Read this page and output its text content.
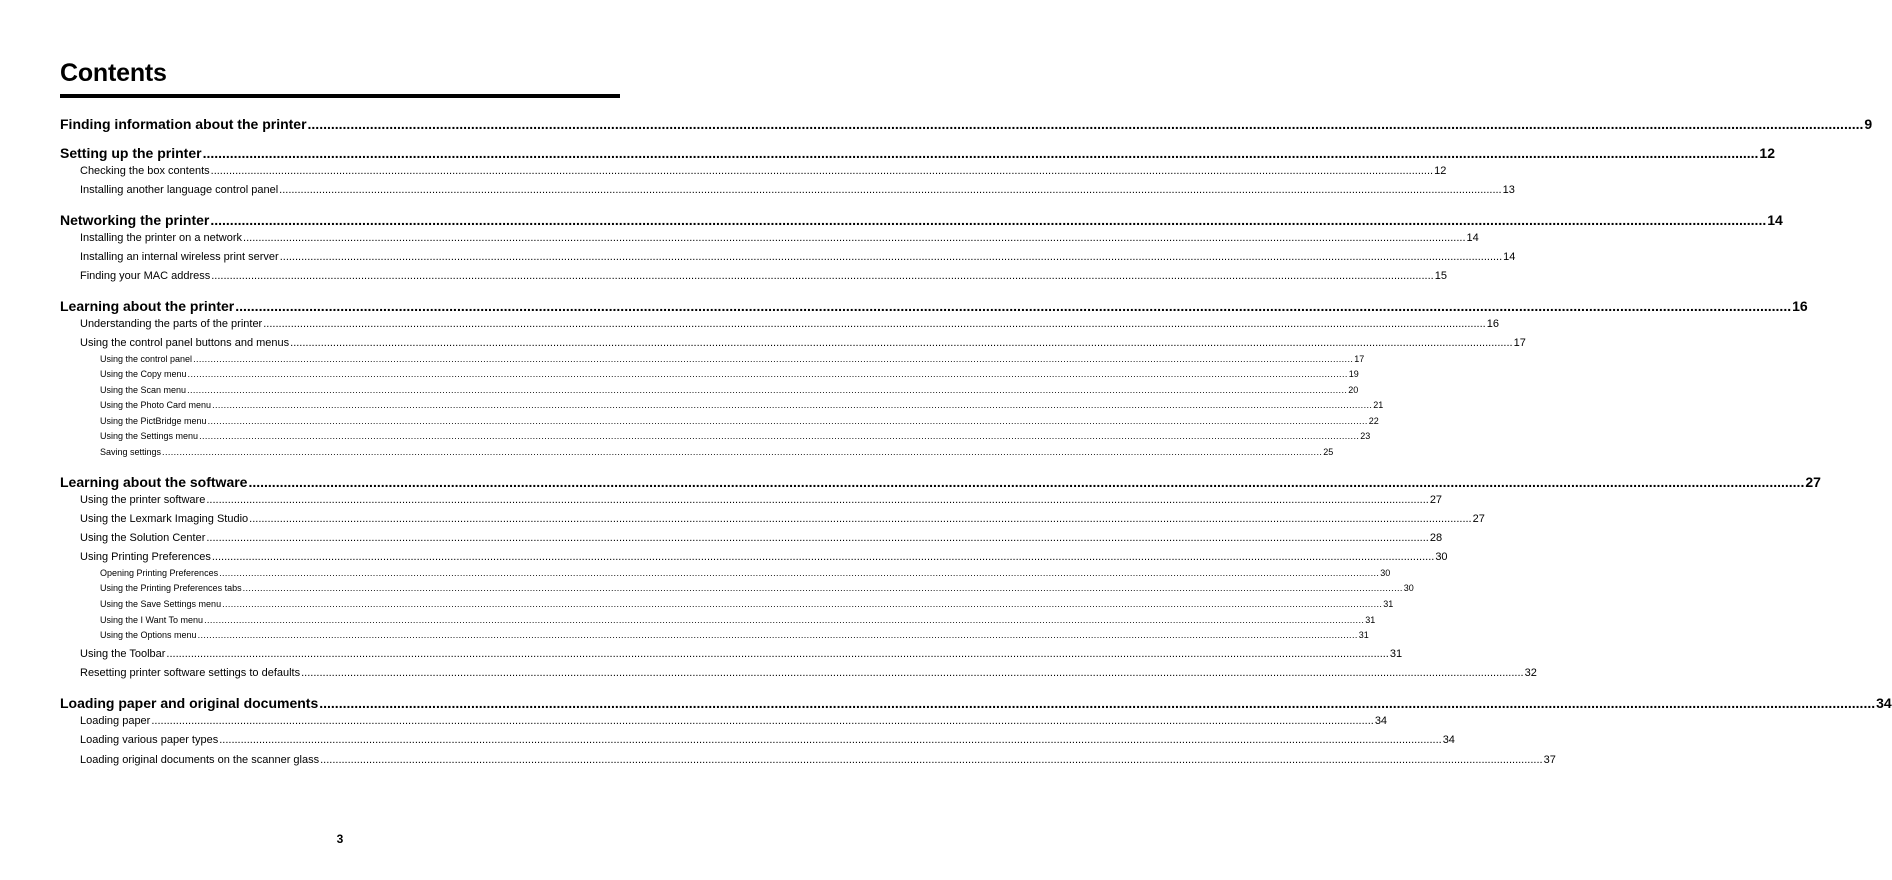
Contents
Finding information about the printer ................................................................................................................................................................................................................................................................................................................................................................................................................ 9
Setting up the printer ................................................................................................................................................................................................................................................................................................................................................................................................................ 12
Checking the box contents ................................................................................................................................................................................................................................................................................................................................................................................................................ 12
Installing another language control panel ................................................................................................................................................................................................................................................................................................................................................................................................................ 13
Networking the printer ................................................................................................................................................................................................................................................................................................................................................................................................................ 14
Installing the printer on a network ................................................................................................................................................................................................................................................................................................................................................................................................................ 14
Installing an internal wireless print server ................................................................................................................................................................................................................................................................................................................................................................................................................ 14
Finding your MAC address ................................................................................................................................................................................................................................................................................................................................................................................................................ 15
Learning about the printer ................................................................................................................................................................................................................................................................................................................................................................................................................ 16
Understanding the parts of the printer ................................................................................................................................................................................................................................................................................................................................................................................................................ 16
Using the control panel buttons and menus ................................................................................................................................................................................................................................................................................................................................................................................................................ 17
Using the control panel ................................................................................................................................................................................................................................................................................................................................................................................................................ 17
Using the Copy menu ................................................................................................................................................................................................................................................................................................................................................................................................................ 19
Using the Scan menu ................................................................................................................................................................................................................................................................................................................................................................................................................ 20
Using the Photo Card menu ................................................................................................................................................................................................................................................................................................................................................................................................................ 21
Using the PictBridge menu ................................................................................................................................................................................................................................................................................................................................................................................................................ 22
Using the Settings menu ................................................................................................................................................................................................................................................................................................................................................................................................................ 23
Saving settings ................................................................................................................................................................................................................................................................................................................................................................................................................ 25
Learning about the software ................................................................................................................................................................................................................................................................................................................................................................................................................ 27
Using the printer software ................................................................................................................................................................................................................................................................................................................................................................................................................ 27
Using the Lexmark Imaging Studio ................................................................................................................................................................................................................................................................................................................................................................................................................ 27
Using the Solution Center ................................................................................................................................................................................................................................................................................................................................................................................................................ 28
Using Printing Preferences ................................................................................................................................................................................................................................................................................................................................................................................................................ 30
Opening Printing Preferences ................................................................................................................................................................................................................................................................................................................................................................................................................ 30
Using the Printing Preferences tabs ................................................................................................................................................................................................................................................................................................................................................................................................................ 30
Using the Save Settings menu ................................................................................................................................................................................................................................................................................................................................................................................................................ 31
Using the I Want To menu ................................................................................................................................................................................................................................................................................................................................................................................................................ 31
Using the Options menu ................................................................................................................................................................................................................................................................................................................................................................................................................ 31
Using the Toolbar ................................................................................................................................................................................................................................................................................................................................................................................................................ 31
Resetting printer software settings to defaults ................................................................................................................................................................................................................................................................................................................................................................................................................ 32
Loading paper and original documents ................................................................................................................................................................................................................................................................................................................................................................................................................ 34
Loading paper ................................................................................................................................................................................................................................................................................................................................................................................................................ 34
Loading various paper types ................................................................................................................................................................................................................................................................................................................................................................................................................ 34
Loading original documents on the scanner glass ................................................................................................................................................................................................................................................................................................................................................................................................................ 37
3
